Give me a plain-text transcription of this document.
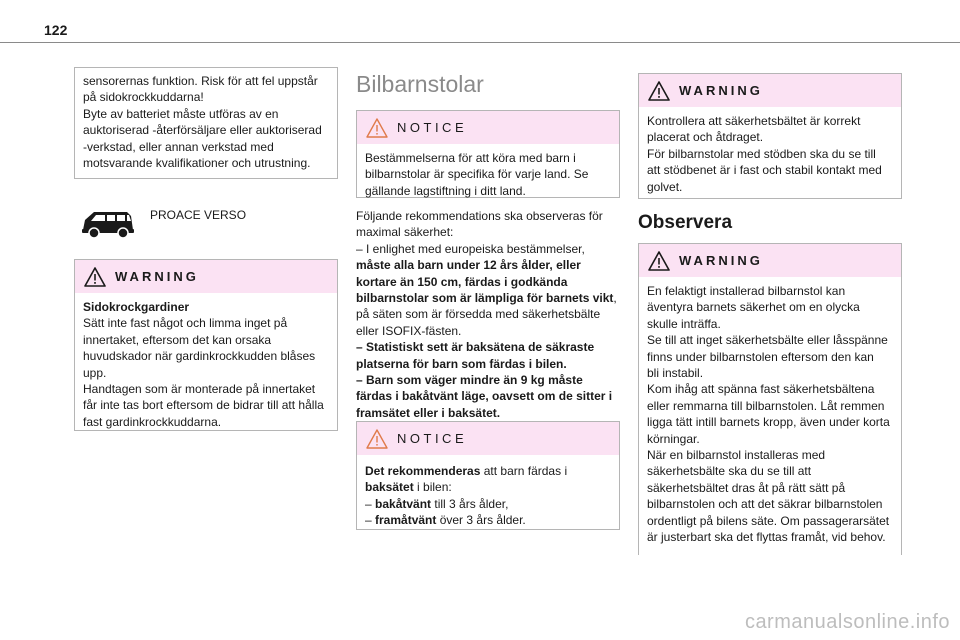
122
sensorernas funktion. Risk för att fel uppstår
på sidokrockkuddarna!
Byte av batteriet måste utföras av en
auktoriserad -återförsäljare eller auktoriserad
-verkstad, eller annan verkstad med
motsvarande kvalifikationer och utrustning.
PROACE VERSO
WARNING
Sidokrockgardiner
Sätt inte fast något och limma inget på
innertaket, eftersom det kan orsaka
huvudskador när gardinkrockkudden blåses
upp.
Handtagen som är monterade på innertaket
får inte tas bort eftersom de bidrar till att hålla
fast gardinkrockkuddarna.
Bilbarnstolar
NOTICE
Bestämmelserna för att köra med barn i
bilbarnstolar är specifika för varje land. Se
gällande lagstiftning i ditt land.
Följande rekommendations ska observeras för
maximal säkerhet:
– I enlighet med europeiska bestämmelser,
måste alla barn under 12 års ålder, eller
kortare än 150 cm, färdas i godkända
bilbarnstolar som är lämpliga för barnets vikt,
på säten som är försedda med säkerhetsbälte
eller ISOFIX-fästen.
– Statistiskt sett är baksätena de säkraste
platserna för barn som färdas i bilen.
– Barn som väger mindre än 9 kg måste
färdas i bakåtvänt läge, oavsett om de sitter i
framsätet eller i baksätet.
NOTICE
Det rekommenderas att barn färdas i
baksätet i bilen:
– bakåtvänt till 3 års ålder,
– framåtvänt över 3 års ålder.
WARNING
Kontrollera att säkerhetsbältet är korrekt
placerat och åtdraget.
För bilbarnstolar med stödben ska du se till
att stödbenet är i fast och stabil kontakt med
golvet.
Observera
WARNING
En felaktigt installerad bilbarnstol kan
äventyra barnets säkerhet om en olycka
skulle inträffa.
Se till att inget säkerhetsbälte eller låsspänne
finns under bilbarnstolen eftersom den kan
bli instabil.
Kom ihåg att spänna fast säkerhetsbältena
eller remmarna till bilbarnstolen. Låt remmen
ligga tätt intill barnets kropp, även under korta
körningar.
När en bilbarnstol installeras med
säkerhetsbälte ska du se till att
säkerhetsbältet dras åt på rätt sätt på
bilbarnstolen och att det säkrar bilbarnstolen
ordentligt på bilens säte. Om passagerarsätet
är justerbart ska det flyttas framåt, vid behov.
carmanualsonline.info
